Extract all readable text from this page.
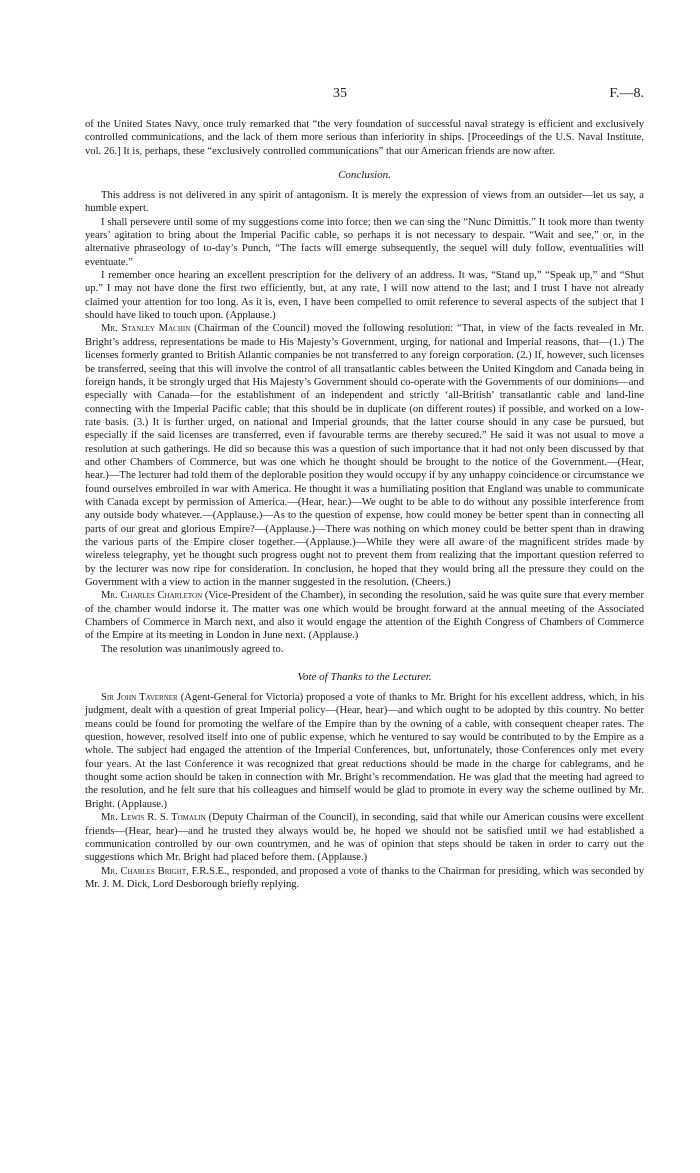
35	F.—8.

of the United States Navy, once truly remarked that “the very foundation of successful naval strategy is efficient and exclusively controlled communications, and the lack of them more serious than inferiority in ships. [Proceedings of the U.S. Naval Institute, vol. 26.] It is, perhaps, these “exclusively controlled communications” that our American friends are now after.

Conclusion.

This address is not delivered in any spirit of antagonism. It is merely the expression of views from an outsider—let us say, a humble expert.

I shall persevere until some of my suggestions come into force; then we can sing the “Nunc Dimittis.” It took more than twenty years’ agitation to bring about the Imperial Pacific cable, so perhaps it is not necessary to despair. “Wait and see,” or, in the alternative phraseology of to-day’s Punch, “The facts will emerge subsequently, the sequel will duly follow, eventualities will eventuate.”

I remember once hearing an excellent prescription for the delivery of an address. It was, “Stand up,” “Speak up,” and “Shut up.” I may not have done the first two efficiently, but, at any rate, I will now attend to the last; and I trust I have not already claimed your attention for too long. As it is, even, I have been compelled to omit reference to several aspects of the subject that I should have liked to touch upon. (Applause.)

Mr. Stanley Machin (Chairman of the Council) moved the following resolution: “That, in view of the facts revealed in Mr. Bright’s address, representations be made to His Majesty’s Government, urging, for national and Imperial reasons, that—(1.) The licenses formerly granted to British Atlantic companies be not transferred to any foreign corporation. (2.) If, however, such licenses be transferred, seeing that this will involve the control of all transatlantic cables between the United Kingdom and Canada being in foreign hands, it be strongly urged that His Majesty’s Government should co-operate with the Governments of our dominions—and especially with Canada—for the establishment of an independent and strictly ‘all-British’ transatlantic cable and land-line connecting with the Imperial Pacific cable; that this should be in duplicate (on different routes) if possible, and worked on a low-rate basis. (3.) It is further urged, on national and Imperial grounds, that the latter course should in any case be pursued, but especially if the said licenses are transferred, even if favourable terms are thereby secured.” He said it was not usual to move a resolution at such gatherings. He did so because this was a question of such importance that it had not only been discussed by that and other Chambers of Commerce, but was one which he thought should be brought to the notice of the Government.—(Hear, hear.)—The lecturer had told them of the deplorable position they would occupy if by any unhappy coincidence or circumstance we found ourselves embroiled in war with America. He thought it was a humiliating position that England was unable to communicate with Canada except by permission of America.—(Hear, hear.)—We ought to be able to do without any possible interference from any outside body whatever.—(Applause.)—As to the question of expense, how could money be better spent than in connecting all parts of our great and glorious Empire?—(Applause.)—There was nothing on which money could be better spent than in drawing the various parts of the Empire closer together.—(Applause.)—While they were all aware of the magnificent strides made by wireless telegraphy, yet he thought such progress ought not to prevent them from realizing that the important question referred to by the lecturer was now ripe for consideration. In conclusion, he hoped that they would bring all the pressure they could on the Government with a view to action in the manner suggested in the resolution. (Cheers.)

Mr. Charles Charleton (Vice-President of the Chamber), in seconding the resolution, said he was quite sure that every member of the chamber would indorse it. The matter was one which would be brought forward at the annual meeting of the Associated Chambers of Commerce in March next, and also it would engage the attention of the Eighth Congress of Chambers of Commerce of the Empire at its meeting in London in June next. (Applause.)

The resolution was unanimously agreed to.

Vote of Thanks to the Lecturer.

Sir John Taverner (Agent-General for Victoria) proposed a vote of thanks to Mr. Bright for his excellent address, which, in his judgment, dealt with a question of great Imperial policy—(Hear, hear)—and which ought to be adopted by this country. No better means could be found for promoting the welfare of the Empire than by the owning of a cable, with consequent cheaper rates. The question, however, resolved itself into one of public expense, which he ventured to say would be contributed to by the Empire as a whole. The subject had engaged the attention of the Imperial Conferences, but, unfortunately, those Conferences only met every four years. At the last Conference it was recognized that great reductions should be made in the charge for cablegrams, and he thought some action should be taken in connection with Mr. Bright’s recommendation. He was glad that the meeting had agreed to the resolution, and he felt sure that his colleagues and himself would be glad to promote in every way the scheme outlined by Mr. Bright. (Applause.)

Mr. Lewis R. S. Tomalin (Deputy Chairman of the Council), in seconding, said that while our American cousins were excellent friends—(Hear, hear)—and he trusted they always would be, he hoped we should not be satisfied until we had established a communication controlled by our own countrymen, and he was of opinion that steps should be taken in order to carry out the suggestions which Mr. Bright had placed before them. (Applause.)

Mr. Charles Bright, F.R.S.E., responded, and proposed a vote of thanks to the Chairman for presiding, which was seconded by Mr. J. M. Dick, Lord Desborough briefly replying.
